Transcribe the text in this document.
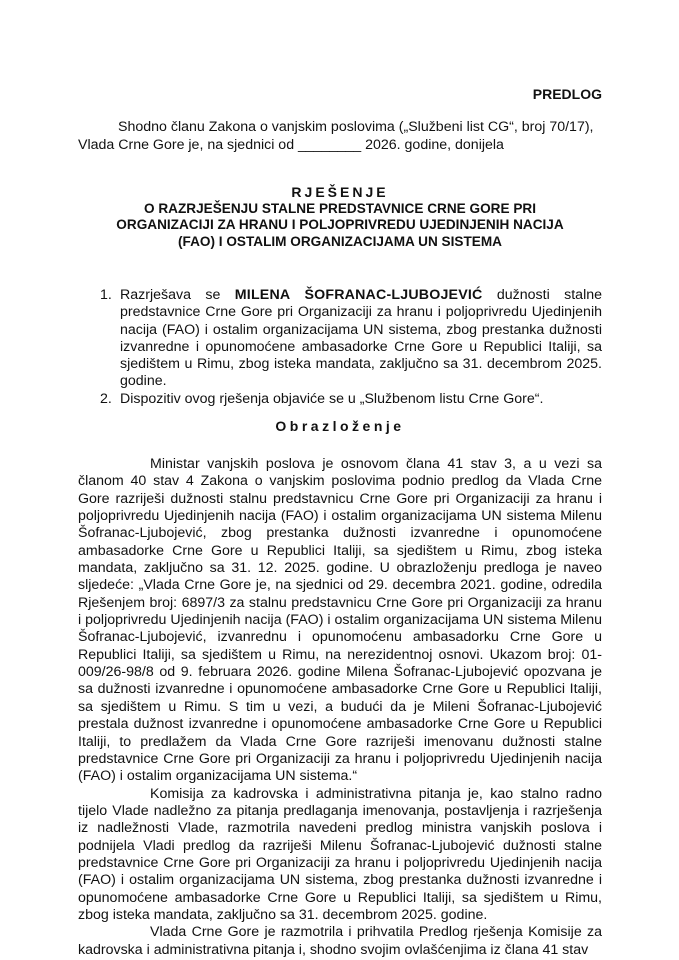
PREDLOG
Shodno članu Zakona o vanjskim poslovima („Službeni list CG“, broj 70/17), Vlada Crne Gore je, na sjednici od ________ 2026. godine, donijela
RJEŠENJE
O RAZRJEŠENJU STALNE PREDSTAVNICE CRNE GORE PRI
ORGANIZACIJI ZA HRANU I POLJOPRIVREDU UJEDINJENIH NACIJA
(FAO) I OSTALIM ORGANIZACIJAMA UN SISTEMA
1. Razrješava se MILENA ŠOFRANAC-LJUBOJEVIĆ dužnosti stalne predstavnice Crne Gore pri Organizaciji za hranu i poljoprivredu Ujedinjenih nacija (FAO) i ostalim organizacijama UN sistema, zbog prestanka dužnosti izvanredne i opunomoćene ambasadorke Crne Gore u Republici Italiji, sa sjedištem u Rimu, zbog isteka mandata, zaključno sa 31. decembrom 2025. godine.
2. Dispozitiv ovog rješenja objaviće se u „Službenom listu Crne Gore“.
Obrazloženje

Ministar vanjskih poslova je osnovom člana 41 stav 3, a u vezi sa članom 40 stav 4 Zakona o vanjskim poslovima podnio predlog da Vlada Crne Gore razriješi dužnosti stalnu predstavnicu Crne Gore pri Organizaciji za hranu i poljoprivredu Ujedinjenih nacija (FAO) i ostalim organizacijama UN sistema Milenu Šofranac-Ljubojević, zbog prestanka dužnosti izvanredne i opunomoćene ambasadorke Crne Gore u Republici Italiji, sa sjedištem u Rimu, zbog isteka mandata, zaključno sa 31. 12. 2025. godine. U obrazloženju predloga je naveo sljedeće: „Vlada Crne Gore je, na sjednici od 29. decembra 2021. godine, odredila Rješenjem broj: 6897/3 za stalnu predstavnicu Crne Gore pri Organizaciji za hranu i poljoprivredu Ujedinjenih nacija (FAO) i ostalim organizacijama UN sistema Milenu Šofranac-Ljubojević, izvanrednu i opunomoćenu ambasadorku Crne Gore u Republici Italiji, sa sjedištem u Rimu, na nerezidentnoj osnovi. Ukazom broj: 01-009/26-98/8 od 9. februara 2026. godine Milena Šofranac-Ljubojević opozvana je sa dužnosti izvanredne i opunomoćene ambasadorke Crne Gore u Republici Italiji, sa sjedištem u Rimu. S tim u vezi, a budući da je Mileni Šofranac-Ljubojević prestala dužnost izvanredne i opunomoćene ambasadorke Crne Gore u Republici Italiji, to predlažem da Vlada Crne Gore razriješi imenovanu dužnosti stalne predstavnice Crne Gore pri Organizaciji za hranu i poljoprivredu Ujedinjenih nacija (FAO) i ostalim organizacijama UN sistema.“

Komisija za kadrovska i administrativna pitanja je, kao stalno radno tijelo Vlade nadležno za pitanja predlaganja imenovanja, postavljenja i razrješenja iz nadležnosti Vlade, razmotrila navedeni predlog ministra vanjskih poslova i podnijela Vladi predlog da razriješi Milenu Šofranac-Ljubojević dužnosti stalne predstavnice Crne Gore pri Organizaciji za hranu i poljoprivredu Ujedinjenih nacija (FAO) i ostalim organizacijama UN sistema, zbog prestanka dužnosti izvanredne i opunomoćene ambasadorke Crne Gore u Republici Italiji, sa sjedištem u Rimu, zbog isteka mandata, zaključno sa 31. decembrom 2025. godine.

Vlada Crne Gore je razmotrila i prihvatila Predlog rješenja Komisije za kadrovska i administrativna pitanja i, shodno svojim ovlašćenjima iz člana 41 stav
